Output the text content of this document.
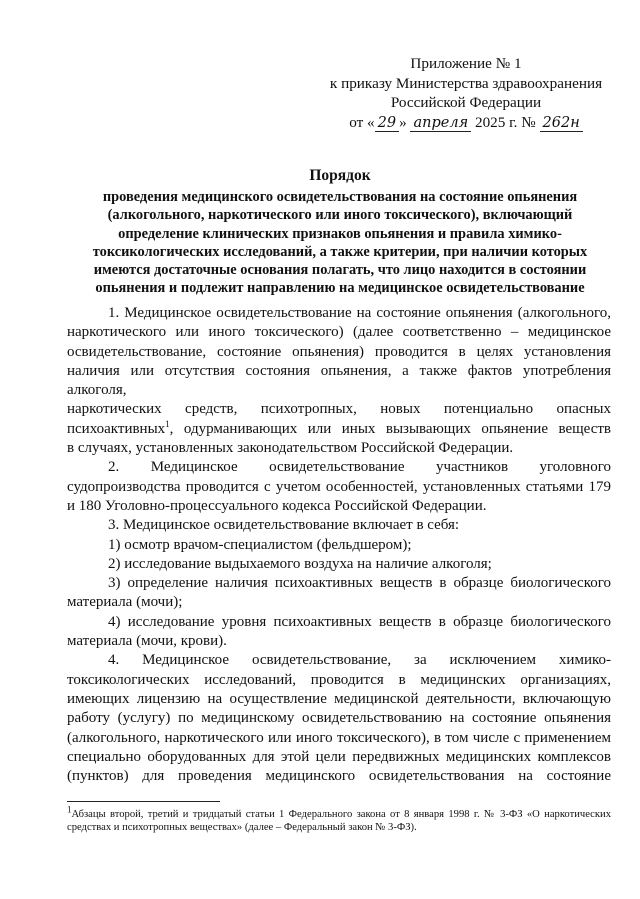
Приложение № 1
к приказу Министерства здравоохранения
Российской Федерации
от « 29 » апреля 2025 г. № 262н
Порядок
проведения медицинского освидетельствования на состояние опьянения
(алкогольного, наркотического или иного токсического), включающий
определение клинических признаков опьянения и правила химико-
токсикологических исследований, а также критерии, при наличии которых
имеются достаточные основания полагать, что лицо находится в состоянии
опьянения и подлежит направлению на медицинское освидетельствование

1. Медицинское освидетельствование на состояние опьянения (алкогольного,

наркотического или иного токсического) (далее соответственно – медицинское

освидетельствование, состояние опьянения) проводится в целях установления

наличия или отсутствия состояния опьянения, а также фактов употребления алкоголя,

наркотических средств, психотропных, новых потенциально опасных

психоактивных$^1$, одурманивающих или иных вызывающих опьянение веществ

в случаях, установленных законодательством Российской Федерации.

2. Медицинское освидетельствование участников уголовного

судопроизводства проводится с учетом особенностей, установленных статьями 179

и 180 Уголовно-процессуального кодекса Российской Федерации.

3. Медицинское освидетельствование включает в себя:

1) осмотр врачом-специалистом (фельдшером);

2) исследование выдыхаемого воздуха на наличие алкоголя;

3) определение наличия психоактивных веществ в образце биологического

материала (мочи);

4) исследование уровня психоактивных веществ в образце биологического

материала (мочи, крови).

4. Медицинское освидетельствование, за исключением химико-

токсикологических исследований, проводится в медицинских организациях,

имеющих лицензию на осуществление медицинской деятельности, включающую

работу (услугу) по медицинскому освидетельствованию на состояние опьянения

(алкогольного, наркотического или иного токсического), в том числе с применением

специально оборудованных для этой цели передвижных медицинских комплексов

(пунктов) для проведения медицинского освидетельствования на состояние

$^1$Абзацы второй, третий и тридцатый статьи 1 Федерального закона от 8 января 1998 г. № 3-ФЗ «О наркотических
средствах и психотропных веществах» (далее – Федеральный закон № 3-ФЗ).
